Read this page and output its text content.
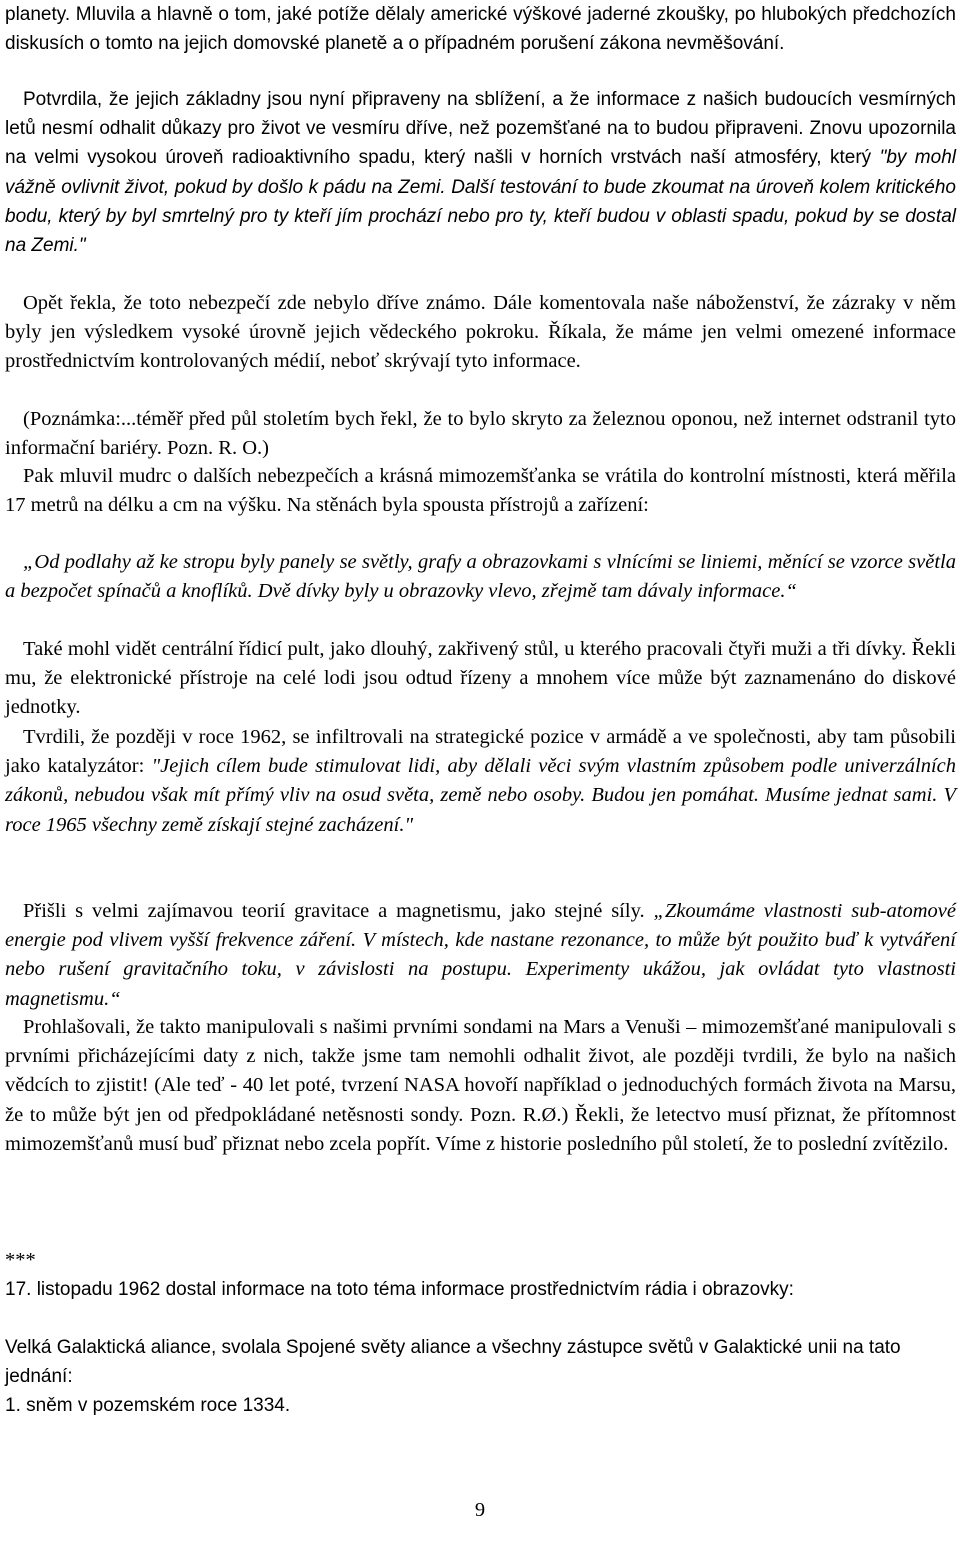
planety. Mluvila a hlavně o tom, jaké potíže dělaly americké výškové jaderné zkoušky, po hlubokých předchozích diskusích o tomto na jejich domovské planetě a o případném porušení zákona nevměšování.

Potvrdila, že jejich základny jsou nyní připraveny na sblížení, a že informace z našich budoucích vesmírných letů nesmí odhalit důkazy pro život ve vesmíru dříve, než pozemšťané na to budou připraveni. Znovu upozornila na velmi vysokou úroveň radioaktivního spadu, který našli v horních vrstvách naší atmosféry, který "by mohl vážně ovlivnit život, pokud by došlo k pádu na Zemi. Další testování to bude zkoumat na úroveň kolem kritického bodu, který by byl smrtelný pro ty kteří jím prochází nebo pro ty, kteří budou v oblasti spadu, pokud by se dostal na Zemi."

Opět řekla, že toto nebezpečí zde nebylo dříve známo. Dále komentovala naše náboženství, že zázraky v něm byly jen výsledkem vysoké úrovně jejich vědeckého pokroku. Říkala, že máme jen velmi omezené informace prostřednictvím kontrolovaných médií, neboť skrývají tyto informace.

(Poznámka:...téměř před půl stoletím bych řekl, že to bylo skryto za železnou oponou, než internet odstranil tyto informační bariéry. Pozn. R. O.)

Pak mluvil mudrc o dalších nebezpečích a krásná mimozemšťanka se vrátila do kontrolní místnosti, která měřila 17 metrů na délku a cm na výšku. Na stěnách byla spousta přístrojů a zařízení:

„Od podlahy až ke stropu byly panely se světly, grafy a obrazovkami s vlnícími se liniemi, měnící se vzorce světla a bezpočet spínačů a knoflíků. Dvě dívky byly u obrazovky vlevo, zřejmě tam dávaly informace.“

Také mohl vidět centrální řídicí pult, jako dlouhý, zakřivený stůl, u kterého pracovali čtyři muži a tři dívky. Řekli mu, že elektronické přístroje na celé lodi jsou odtud řízeny a mnohem více může být zaznamenáno do diskové jednotky.

Tvrdili, že později v roce 1962, se infiltrovali na strategické pozice v armádě a ve společnosti, aby tam působili jako katalyzátor: "Jejich cílem bude stimulovat lidi, aby dělali věci svým vlastním způsobem podle univerzálních zákonů, nebudou však mít přímý vliv na osud světa, země nebo osoby. Budou jen pomáhat. Musíme jednat sami. V roce 1965 všechny země získají stejné zacházení."

Přišli s velmi zajímavou teorií gravitace a magnetismu, jako stejné síly. „Zkoumáme vlastnosti sub-atomové energie pod vlivem vyšší frekvence záření. V místech, kde nastane rezonance, to může být použito buď k vytváření nebo rušení gravitačního toku, v závislosti na postupu. Experimenty ukážou, jak ovládat tyto vlastnosti magnetismu.“

Prohlašovali, že takto manipulovali s našimi prvními sondami na Mars a Venuši – mimozemšťané manipulovali s prvními přicházejícími daty z nich, takže jsme tam nemohli odhalit život, ale později tvrdili, že bylo na našich vědcích to zjistit! (Ale teď - 40 let poté, tvrzení NASA hovoří například o jednoduchých formách života na Marsu, že to může být jen od předpokládané netěsnosti sondy. Pozn. R.Ø.) Řekli, že letectvo musí přiznat, že přítomnost mimozemšťanů musí buď přiznat nebo zcela popřít. Víme z historie posledního půl století, že to poslední zvítězilo.

***

17. listopadu 1962 dostal informace na toto téma informace prostřednictvím rádia i obrazovky:

Velká Galaktická aliance, svolala Spojené světy aliance a všechny zástupce světů v Galaktické unii na tato jednání:

1. sněm v pozemském roce 1334.

9
